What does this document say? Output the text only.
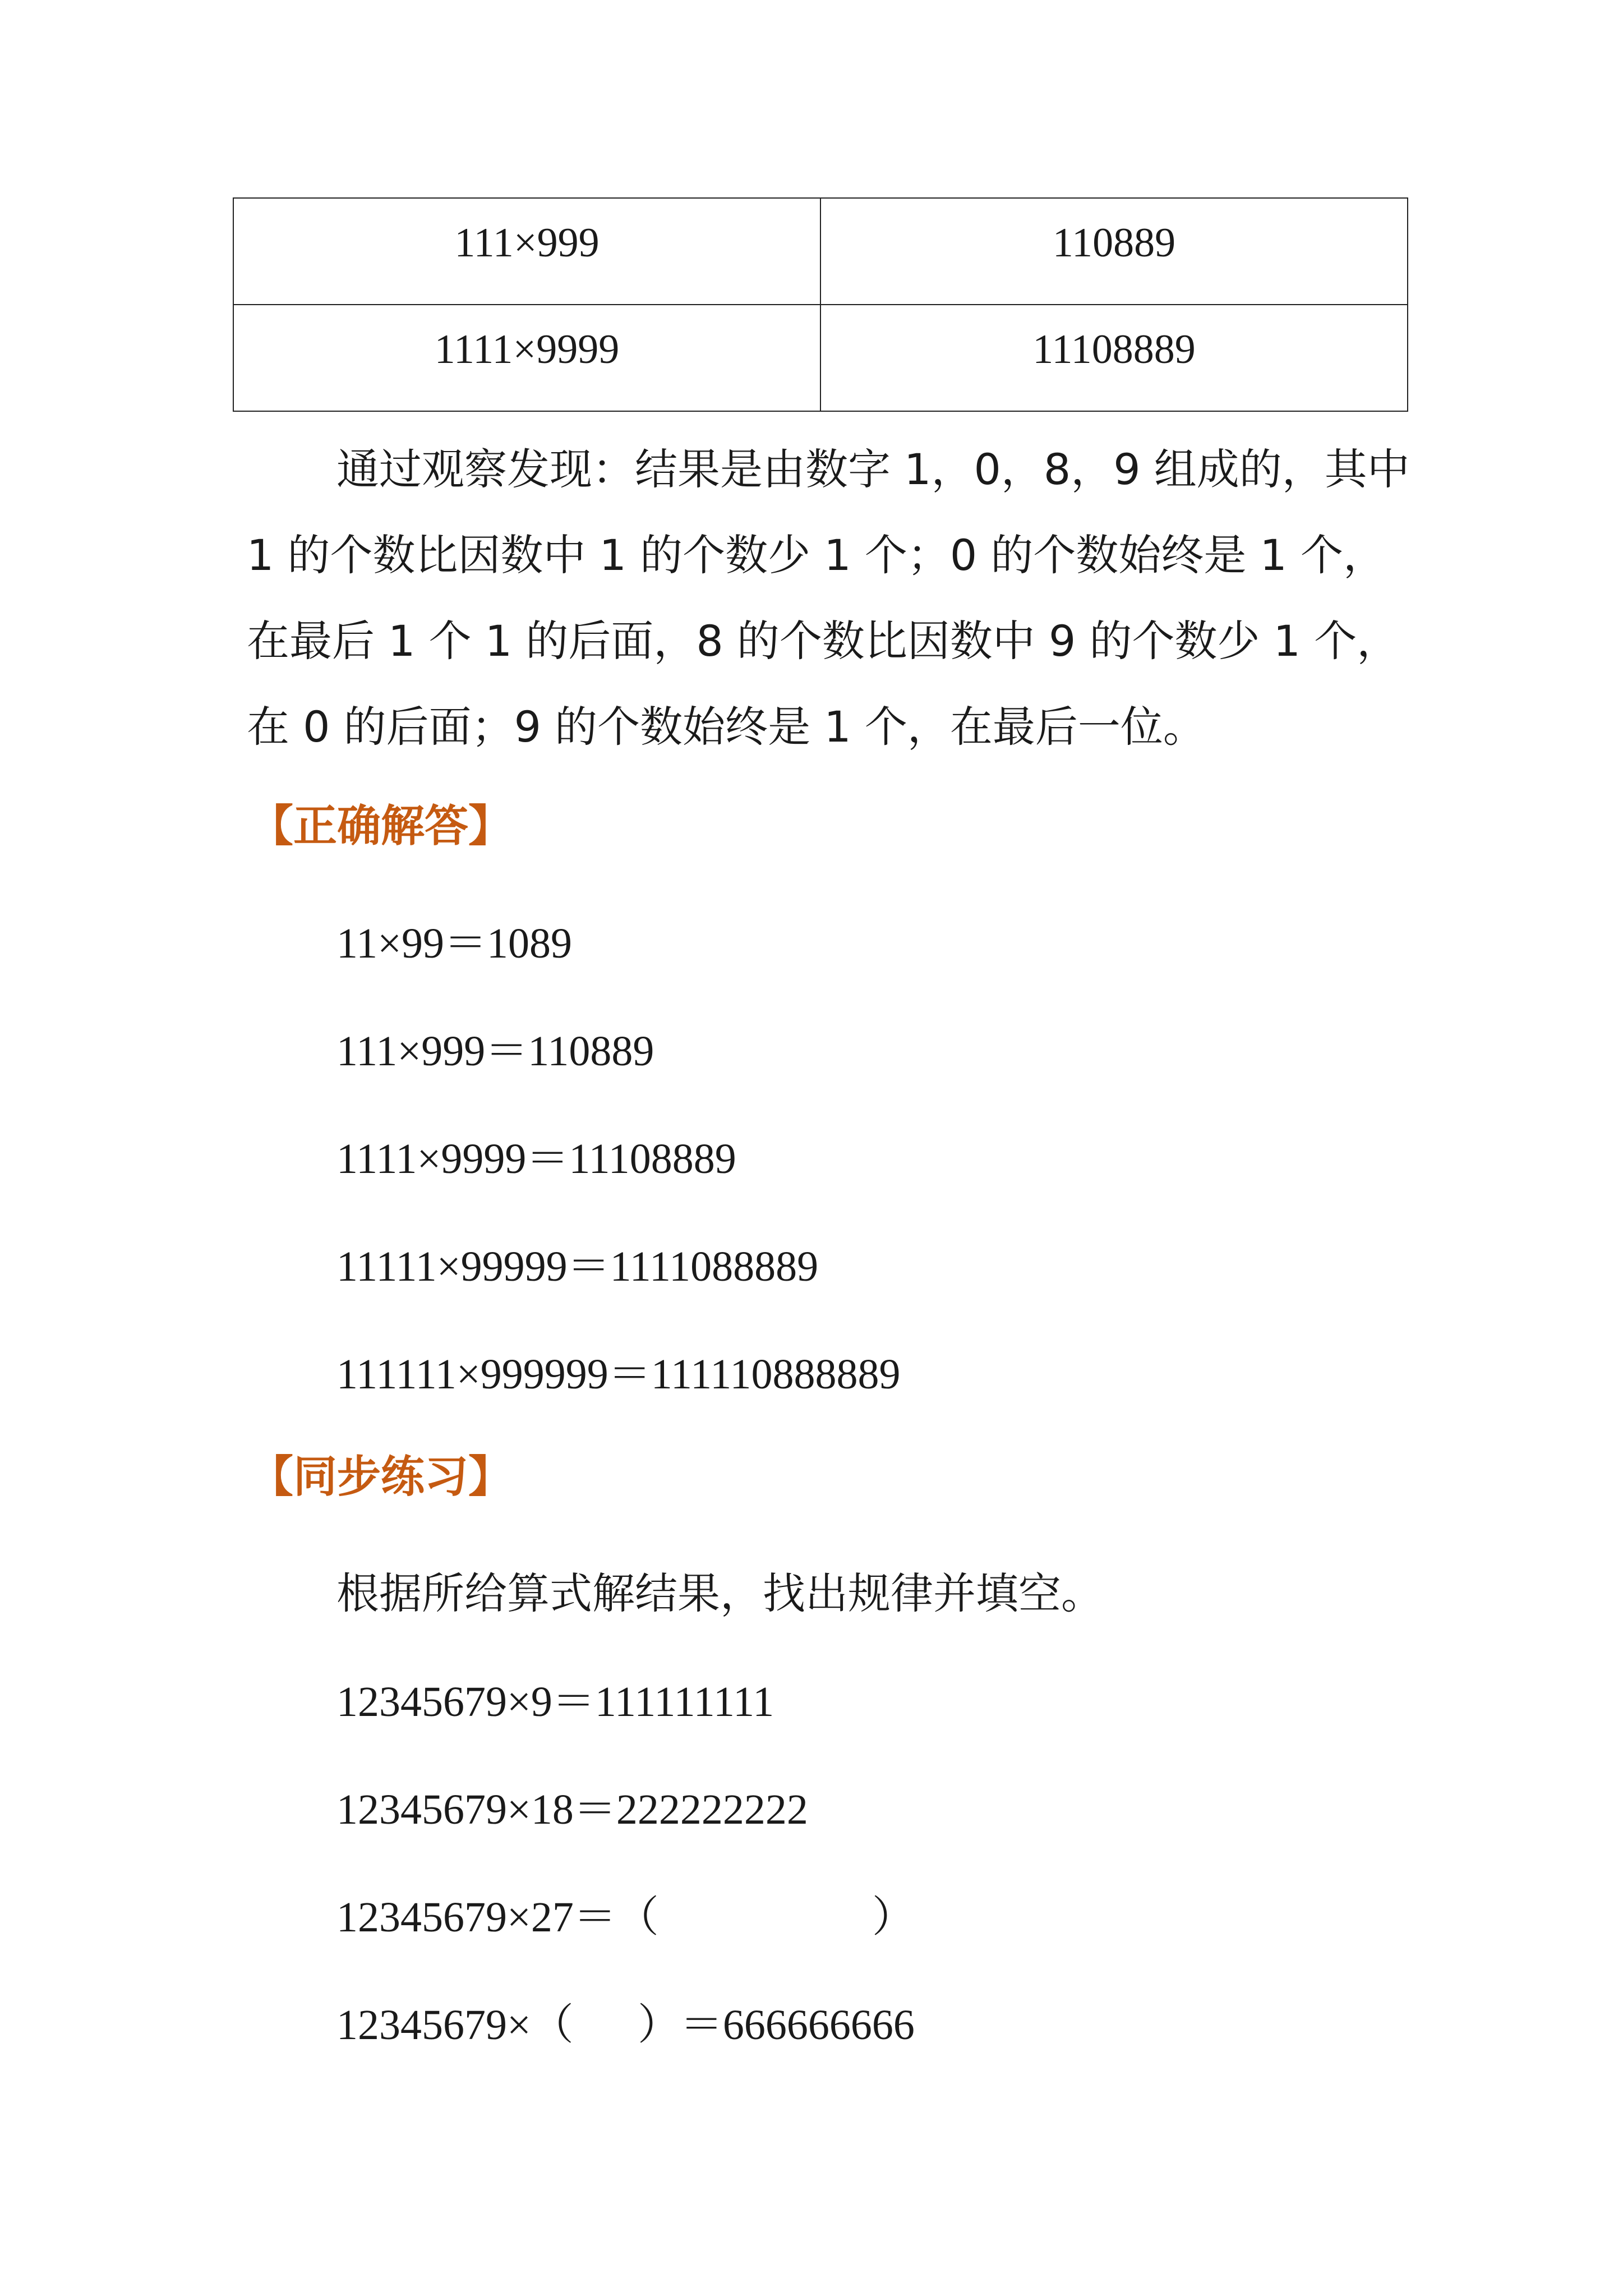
111×999	110889
1111×9999	11108889
通过观察发现：结果是由数字 1，0，8，9 组成的，其中 1 的个数比因数中 1 的个数少 1 个；0 的个数始终是 1 个，在最后 1 个 1 的后面，8 的个数比因数中 9 的个数少 1 个，在 0 的后面；9 的个数始终是 1 个，在最后一位。
【正确解答】
11×99＝1089
111×999＝110889
1111×9999＝11108889
11111×99999＝1111088889
111111×999999＝111110888889
【同步练习】
根据所给算式解结果，找出规律并填空。
12345679×9＝111111111
12345679×18＝222222222
12345679×27＝（                    ）
12345679×（      ）＝666666666
